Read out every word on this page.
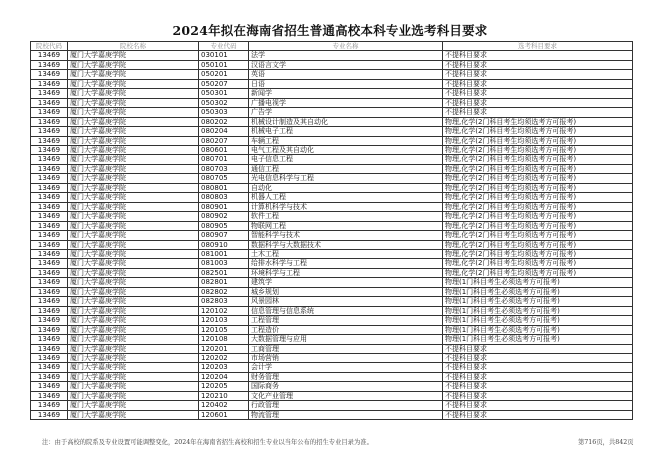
2024年拟在海南省招生普通高校本科专业选考科目要求
院校代码	院校名称	专业代码	专业名称	选考科目要求
13469	厦门大学嘉庚学院	030101	法学	不提科目要求
13469	厦门大学嘉庚学院	050101	汉语言文学	不提科目要求
13469	厦门大学嘉庚学院	050201	英语	不提科目要求
13469	厦门大学嘉庚学院	050207	日语	不提科目要求
13469	厦门大学嘉庚学院	050301	新闻学	不提科目要求
13469	厦门大学嘉庚学院	050302	广播电视学	不提科目要求
13469	厦门大学嘉庚学院	050303	广告学	不提科目要求
13469	厦门大学嘉庚学院	080202	机械设计制造及其自动化	物理,化学(2门科目考生均须选考方可报考)
13469	厦门大学嘉庚学院	080204	机械电子工程	物理,化学(2门科目考生均须选考方可报考)
13469	厦门大学嘉庚学院	080207	车辆工程	物理,化学(2门科目考生均须选考方可报考)
13469	厦门大学嘉庚学院	080601	电气工程及其自动化	物理,化学(2门科目考生均须选考方可报考)
13469	厦门大学嘉庚学院	080701	电子信息工程	物理,化学(2门科目考生均须选考方可报考)
13469	厦门大学嘉庚学院	080703	通信工程	物理,化学(2门科目考生均须选考方可报考)
13469	厦门大学嘉庚学院	080705	光电信息科学与工程	物理,化学(2门科目考生均须选考方可报考)
13469	厦门大学嘉庚学院	080801	自动化	物理,化学(2门科目考生均须选考方可报考)
13469	厦门大学嘉庚学院	080803	机器人工程	物理,化学(2门科目考生均须选考方可报考)
13469	厦门大学嘉庚学院	080901	计算机科学与技术	物理,化学(2门科目考生均须选考方可报考)
13469	厦门大学嘉庚学院	080902	软件工程	物理,化学(2门科目考生均须选考方可报考)
13469	厦门大学嘉庚学院	080905	物联网工程	物理,化学(2门科目考生均须选考方可报考)
13469	厦门大学嘉庚学院	080907	智能科学与技术	物理,化学(2门科目考生均须选考方可报考)
13469	厦门大学嘉庚学院	080910	数据科学与大数据技术	物理,化学(2门科目考生均须选考方可报考)
13469	厦门大学嘉庚学院	081001	土木工程	物理,化学(2门科目考生均须选考方可报考)
13469	厦门大学嘉庚学院	081003	给排水科学与工程	物理,化学(2门科目考生均须选考方可报考)
13469	厦门大学嘉庚学院	082501	环境科学与工程	物理,化学(2门科目考生均须选考方可报考)
13469	厦门大学嘉庚学院	082801	建筑学	物理(1门科目考生必须选考方可报考)
13469	厦门大学嘉庚学院	082802	城乡规划	物理(1门科目考生必须选考方可报考)
13469	厦门大学嘉庚学院	082803	风景园林	物理(1门科目考生必须选考方可报考)
13469	厦门大学嘉庚学院	120102	信息管理与信息系统	物理(1门科目考生必须选考方可报考)
13469	厦门大学嘉庚学院	120103	工程管理	物理(1门科目考生必须选考方可报考)
13469	厦门大学嘉庚学院	120105	工程造价	物理(1门科目考生必须选考方可报考)
13469	厦门大学嘉庚学院	120108	大数据管理与应用	物理(1门科目考生必须选考方可报考)
13469	厦门大学嘉庚学院	120201	工商管理	不提科目要求
13469	厦门大学嘉庚学院	120202	市场营销	不提科目要求
13469	厦门大学嘉庚学院	120203	会计学	不提科目要求
13469	厦门大学嘉庚学院	120204	财务管理	不提科目要求
13469	厦门大学嘉庚学院	120205	国际商务	不提科目要求
13469	厦门大学嘉庚学院	120210	文化产业管理	不提科目要求
13469	厦门大学嘉庚学院	120402	行政管理	不提科目要求
13469	厦门大学嘉庚学院	120601	物流管理	不提科目要求
注：由于高校的院系及专业设置可能调整变化，2024年在海南省招生高校和招生专业以当年公布的招生专业目录为准。	第716页，共842页
